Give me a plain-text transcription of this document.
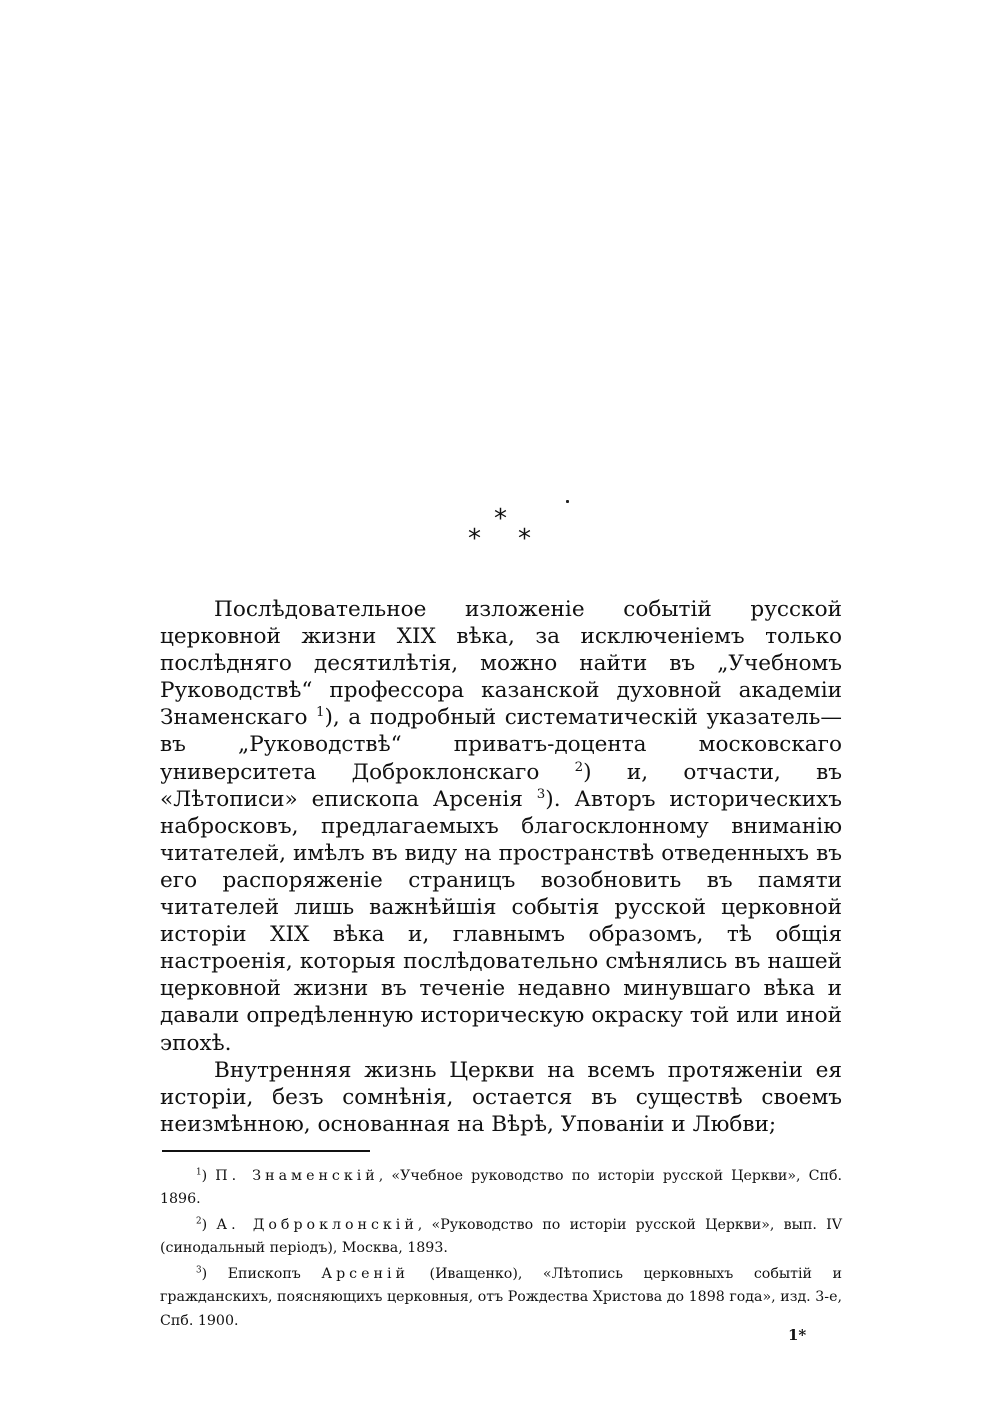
*
* *

Послѣдовательное изложеніе событій русской церковной жизни XIX вѣка, за исключеніемъ только послѣдняго десятилѣтія, можно найти въ „Учебномъ Руководствѣ“ профессора казанской духовной академіи Знаменскаго $^1$), а подробный систематическій указатель— въ „Руководствѣ“ приватъ-доцента московскаго университета Доброклонскаго $^2$) и, отчасти, въ «Лѣтописи» епископа Арсенія $^3$). Авторъ историческихъ набросковъ, предлагаемыхъ благосклонному вниманію читателей, имѣлъ въ виду на пространствѣ отведенныхъ въ его распоряженіе страницъ возобновить въ памяти читателей лишь важнѣйшія событія русской церковной исторіи XIX вѣка и, главнымъ образомъ, тѣ общія настроенія, которыя послѣдовательно смѣнялись въ нашей церковной жизни въ теченіе недавно минувшаго вѣка и давали опредѣленную историческую окраску той или иной эпохѣ.

Внутренняя жизнь Церкви на всемъ протяженіи ея исторіи, безъ сомнѣнія, остается въ существѣ своемъ неизмѣнною, основанная на Вѣрѣ, Упованіи и Любви;

$^1$) П. Знаменскій, «Учебное руководство по исторіи русской Церкви», Спб. 1896.

$^2$) А. Доброклонскій, «Руководство по исторіи русской Церкви», вып. IV (синодальный періодъ), Москва, 1893.

$^3$) Епископъ Арсеній (Иващенко), «Лѣтопись церковныхъ событій и гражданскихъ, поясняющихъ церковныя, отъ Рождества Христова до 1898 года», изд. 3-е, Спб. 1900.

1*
